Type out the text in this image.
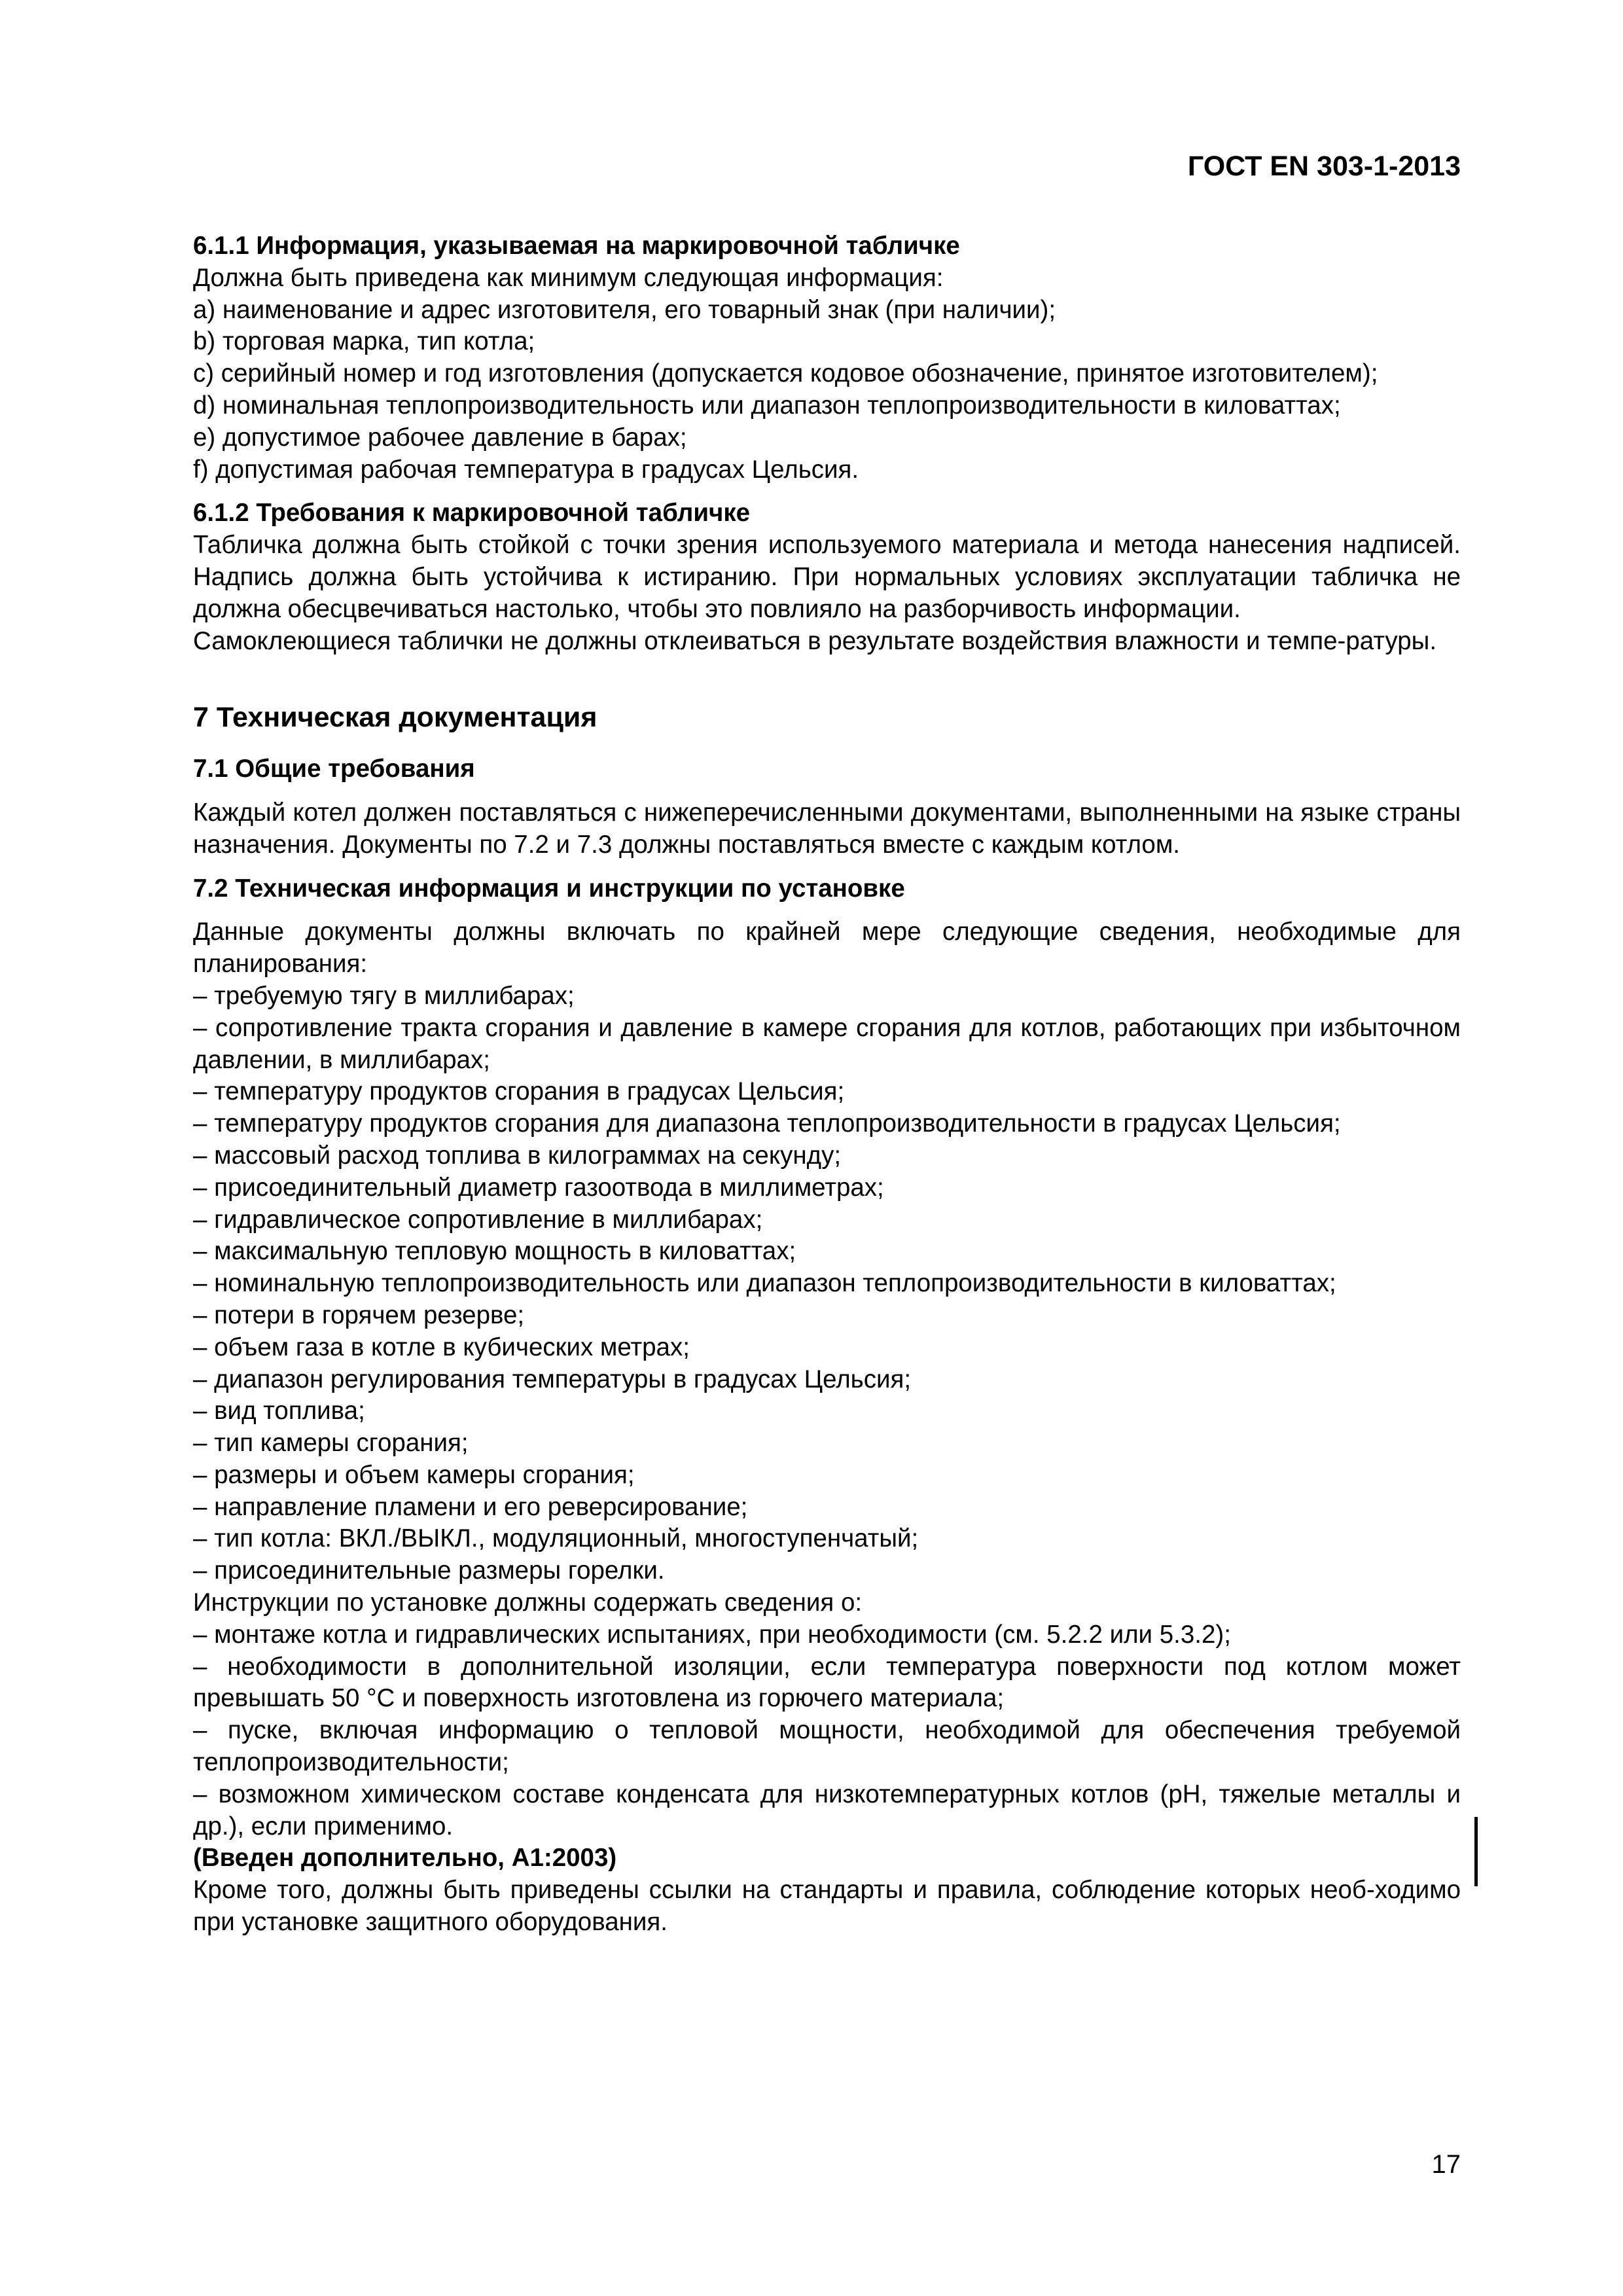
ГОСТ EN 303-1-2013

6.1.1 Информация, указываемая на маркировочной табличке

Должна быть приведена как минимум следующая информация:

а) наименование и адрес изготовителя, его товарный знак (при наличии);

b) торговая марка, тип котла;

с) серийный номер и год изготовления (допускается кодовое обозначение, принятое изготовителем);

d) номинальная теплопроизводительность или диапазон теплопроизводительности в киловаттах;

е) допустимое рабочее давление в барах;

f) допустимая рабочая температура в градусах Цельсия.

6.1.2 Требования к маркировочной табличке

Табличка должна быть стойкой с точки зрения используемого материала и метода нанесения надписей. Надпись должна быть устойчива к истиранию. При нормальных условиях эксплуатации табличка не должна обесцвечиваться настолько, чтобы это повлияло на разборчивость информации.

Самоклеющиеся таблички не должны отклеиваться в результате воздействия влажности и темпе-ратуры.

7 Техническая документация

7.1 Общие требования

Каждый котел должен поставляться с нижеперечисленными документами, выполненными на языке страны назначения. Документы по 7.2 и 7.3 должны поставляться вместе с каждым котлом.

7.2 Техническая информация и инструкции по установке

Данные документы должны включать по крайней мере следующие сведения, необходимые для планирования:

– требуемую тягу в миллибарах;

– сопротивление тракта сгорания и давление в камере сгорания для котлов, работающих при избыточном давлении, в миллибарах;

– температуру продуктов сгорания в градусах Цельсия;

– температуру продуктов сгорания для диапазона теплопроизводительности в градусах Цельсия;

– массовый расход топлива в килограммах на секунду;

– присоединительный диаметр газоотвода в миллиметрах;

– гидравлическое сопротивление в миллибарах;

– максимальную тепловую мощность в киловаттах;

– номинальную теплопроизводительность или диапазон теплопроизводительности в киловаттах;

– потери в горячем резерве;

– объем газа в котле в кубических метрах;

– диапазон регулирования температуры в градусах Цельсия;

– вид топлива;

– тип камеры сгорания;

– размеры и объем камеры сгорания;

– направление пламени и его реверсирование;

– тип котла: ВКЛ./ВЫКЛ., модуляционный, многоступенчатый;

– присоединительные размеры горелки.

Инструкции по установке должны содержать сведения о:

– монтаже котла и гидравлических испытаниях, при необходимости (см. 5.2.2 или 5.3.2);

– необходимости в дополнительной изоляции, если температура поверхности под котлом может превышать 50 °С и поверхность изготовлена из горючего материала;

– пуске, включая информацию о тепловой мощности, необходимой для обеспечения требуемой теплопроизводительности;

– возможном химическом составе конденсата для низкотемпературных котлов (pH, тяжелые металлы и др.), если применимо.

(Введен дополнительно, А1:2003)

Кроме того, должны быть приведены ссылки на стандарты и правила, соблюдение которых необ-ходимо при установке защитного оборудования.

17
